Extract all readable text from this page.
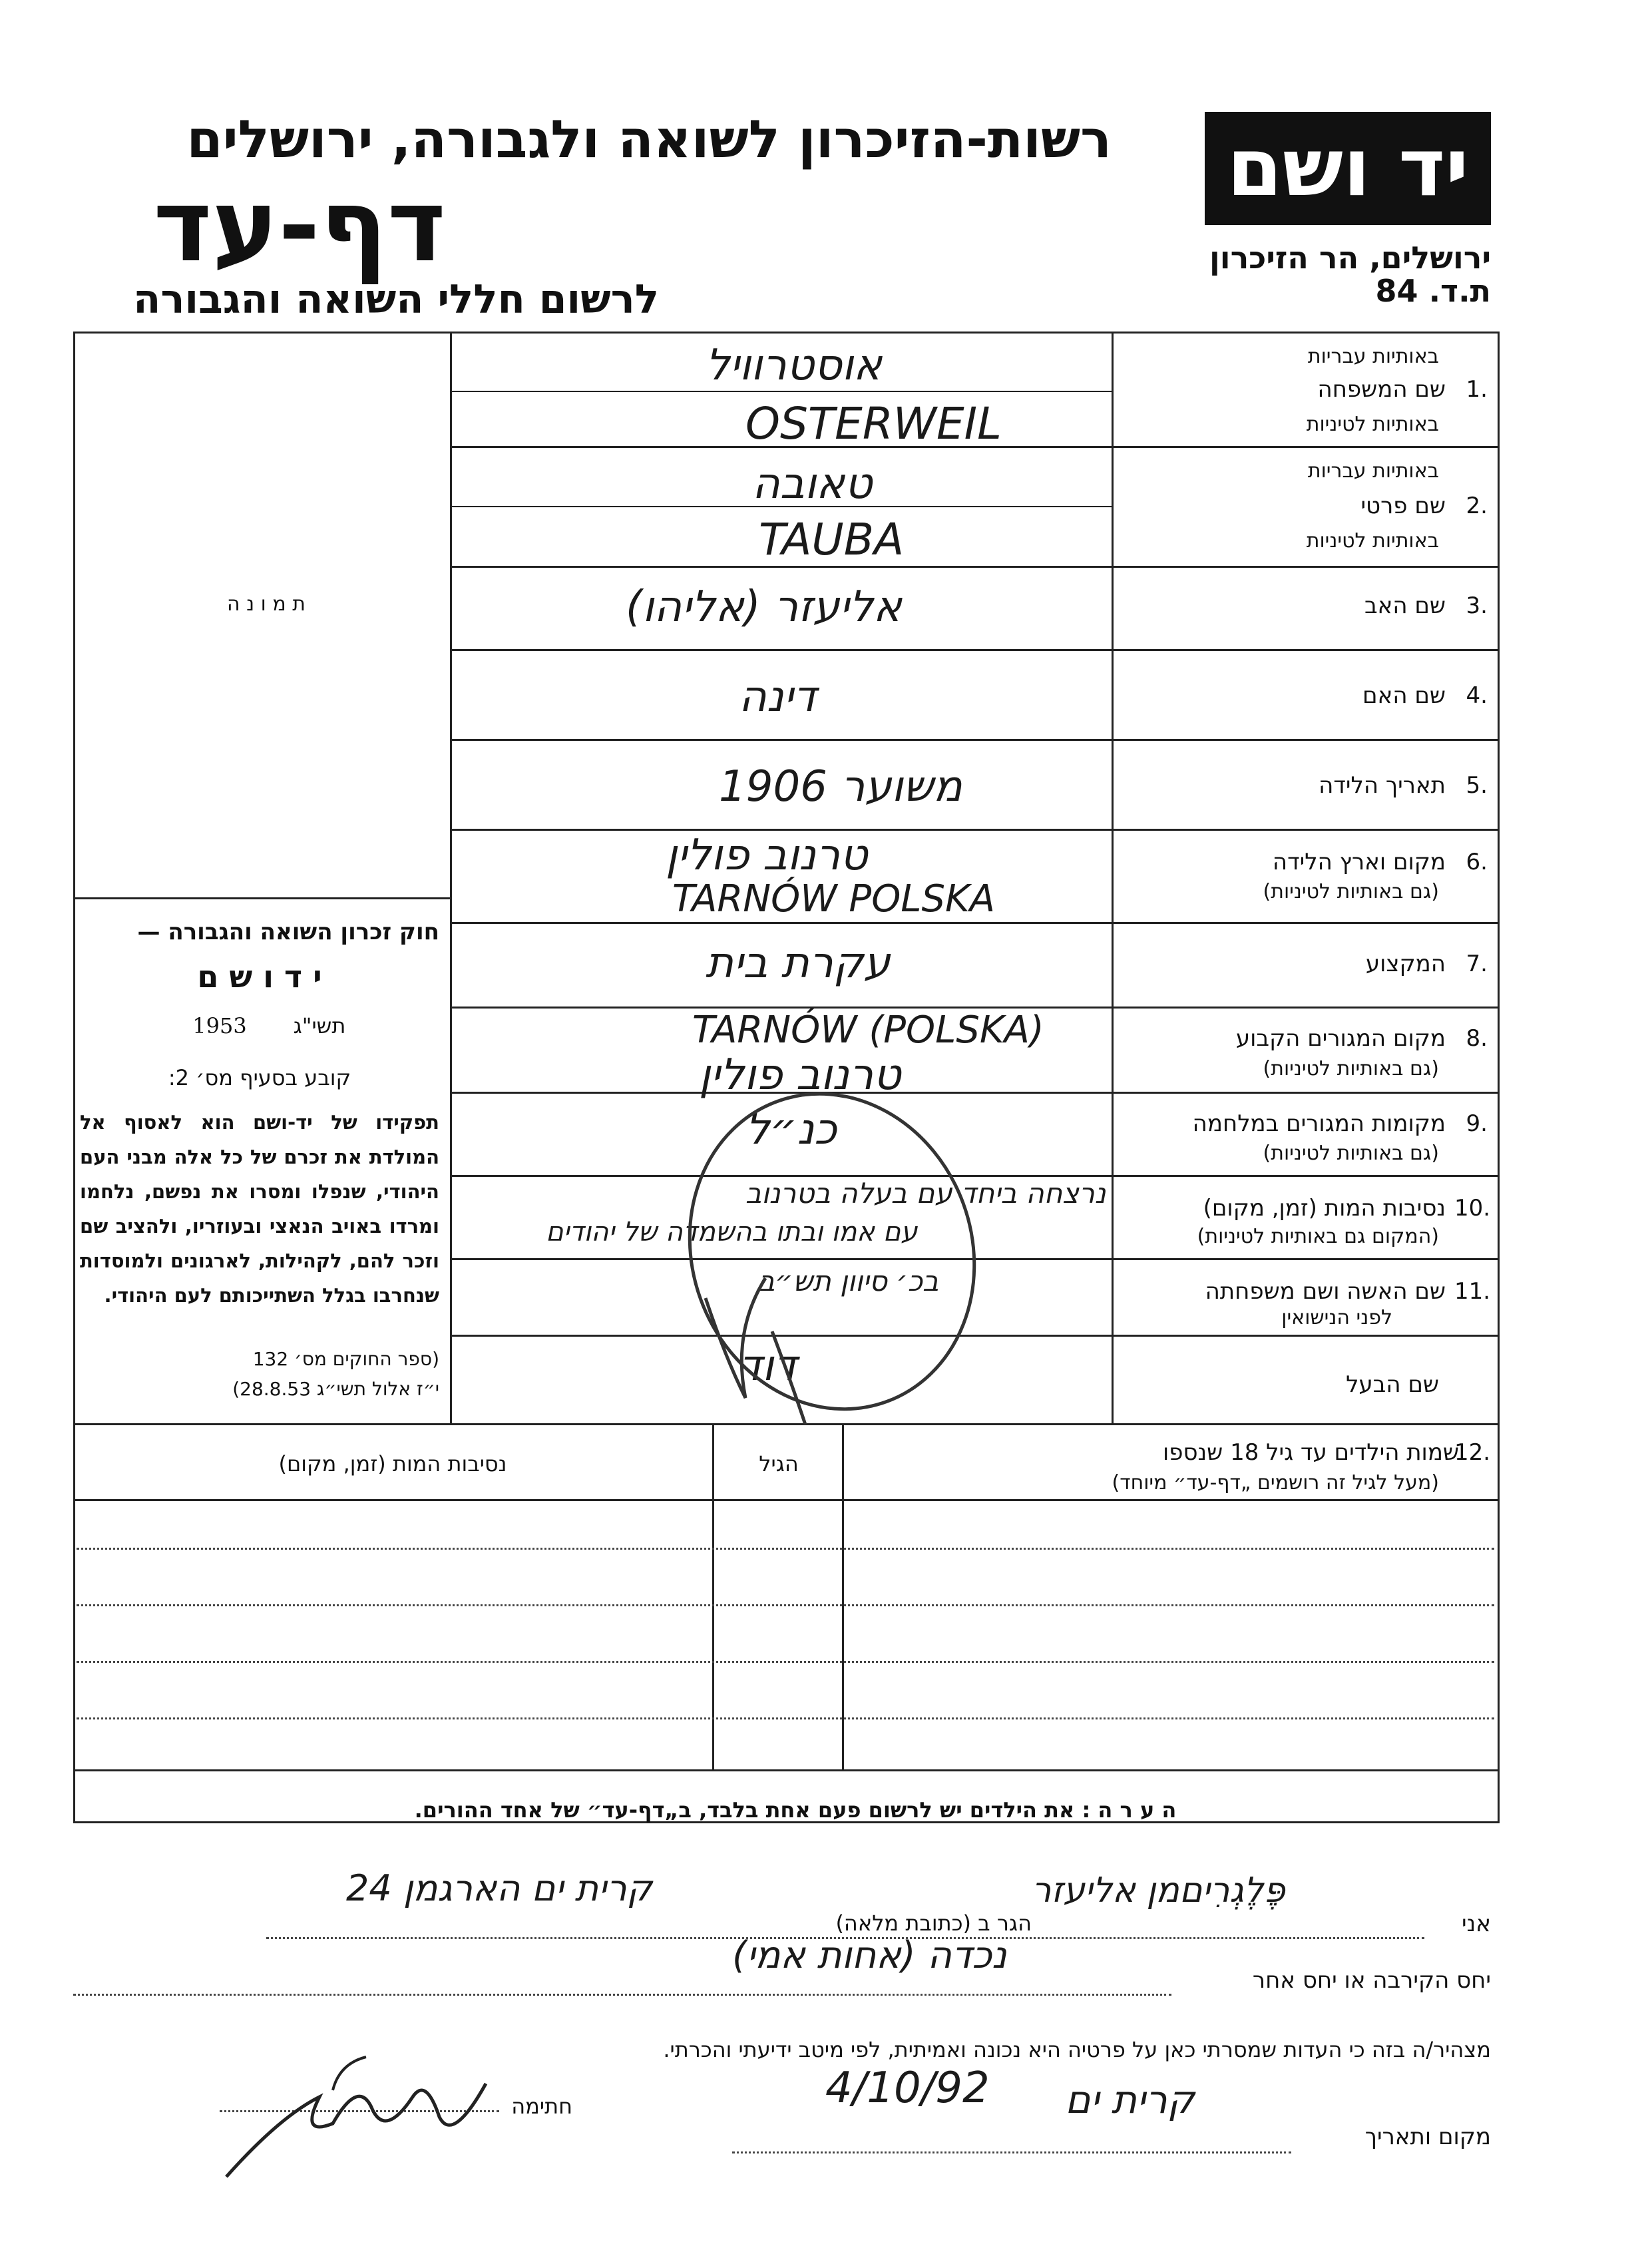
יד ושם
ירושלים, הר הזיכרון
ת.ד. 84
רשות-הזיכרון לשואה ולגבורה, ירושלים
דף-עד
לרשום חללי השואה והגבורה
ת מ ו נ ה
חוק זכרון השואה והגבורה —
י ד ו ש ם
תשי"ג
1953
קובע בסעיף מס׳ 2:
תפקידו של יד-ושם הוא לאסוף אל המולדת את זכרם של כל אלה מבני העם היהודי, שנפלו ומסרו את נפשם, נלחמו ומרדו באויב הנאצי ובעוזריו, ולהציב שם וזכר להם, לקהילות, לארגונים ולמוסדות שנחרבו בגלל השתייכותם לעם היהודי.
(ספר החוקים מס׳ 132
י״ז אלול תשי״ג 28.8.53)
1.
שם המשפחה
באותיות עבריות
באותיות לטיניות
אוסטרוויל
OSTERWEIL
2.
שם פרטי
באותיות עבריות
באותיות לטיניות
טאובה
TAUBA
3.
שם האב
אליעזר (אליהו)
4.
שם האם
דינה
5.
תאריך הלידה
משוער 1906
6.
מקום וארץ הלידה
(גם באותיות לטיניות)
טרנוב פולין
TARNÓW POLSKA
7.
המקצוע
עקרת בית
8.
מקום המגורים הקבוע
(גם באותיות לטיניות)
TARNÓW (POLSKA)
טרנוב פולין
9.
מקומות המגורים במלחמה
(גם באותיות לטיניות)
כנ״ל
10.
נסיבות המות (זמן, מקום)
(המקום גם באותיות לטיניות)
נרצחה ביחד עם בעלה בטרנוב
עם אמו ובתו בהשמדה של יהודים
11.
שם האשה ושם משפחתה
לפני הנישואין
בכ׳ סיוון תש״ב
שם הבעל
דוד
12.
שמות הילדים עד גיל 18 שנספו
(מעל לגיל זה רושמים „דף-עד״ מיוחד)
הגיל
נסיבות המות (זמן, מקום)
ה ע ר ה : את הילדים יש לרשום פעם אחת בלבד, ב„דף-עד״ של אחד ההורים.
אני
פֶּלֶגְרִיםמן אליעזר
הגר ב (כתובת מלאה)
קרית ים הארגמן 24
יחס הקירבה או יחס אחר
נכדה (אחות אמי)
מצהיר/ה בזה כי העדות שמסרתי כאן על פרטיה היא נכונה ואמיתית, לפי מיטב ידיעתי והכרתי.
מקום ותאריך
קרית ים
4/10/92
חתימה
